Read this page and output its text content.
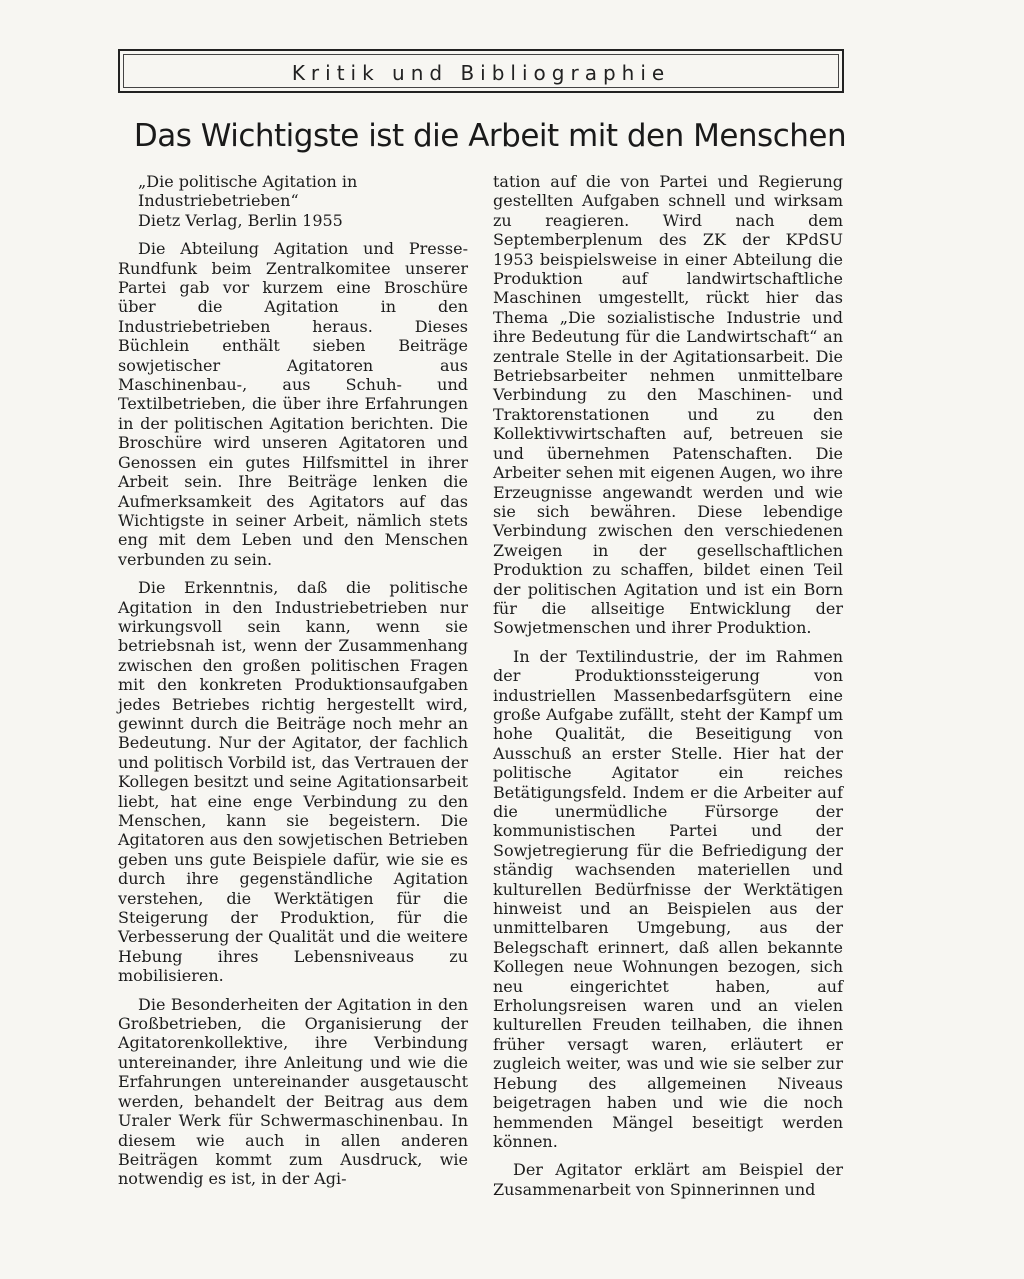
Kritik und Bibliographie
Das Wichtigste ist die Arbeit mit den Menschen

„Die politische Agitation in Industriebetrieben“

Dietz Verlag, Berlin 1955

Die Abteilung Agitation und Presse-Rundfunk beim Zentralkomitee unserer Partei gab vor kurzem eine Broschüre über die Agitation in den Industriebetrieben heraus. Dieses Büchlein enthält sieben Beiträge sowjetischer Agitatoren aus Maschinenbau-, aus Schuh- und Textilbetrieben, die über ihre Erfahrungen in der politischen Agitation berichten. Die Broschüre wird unseren Agitatoren und Genossen ein gutes Hilfsmittel in ihrer Arbeit sein. Ihre Beiträge lenken die Aufmerksamkeit des Agitators auf das Wichtigste in seiner Arbeit, nämlich stets eng mit dem Leben und den Menschen verbunden zu sein.

Die Erkenntnis, daß die politische Agitation in den Industriebetrieben nur wirkungsvoll sein kann, wenn sie betriebsnah ist, wenn der Zusammenhang zwischen den großen politischen Fragen mit den konkreten Produktionsaufgaben jedes Betriebes richtig hergestellt wird, gewinnt durch die Beiträge noch mehr an Bedeutung. Nur der Agitator, der fachlich und politisch Vorbild ist, das Vertrauen der Kollegen besitzt und seine Agitationsarbeit liebt, hat eine enge Verbindung zu den Menschen, kann sie begeistern. Die Agitatoren aus den sowjetischen Betrieben geben uns gute Beispiele dafür, wie sie es durch ihre gegenständliche Agitation verstehen, die Werktätigen für die Steigerung der Produktion, für die Verbesserung der Qualität und die weitere Hebung ihres Lebensniveaus zu mobilisieren.

Die Besonderheiten der Agitation in den Großbetrieben, die Organisierung der Agitatorenkollektive, ihre Verbindung untereinander, ihre Anleitung und wie die Erfahrungen untereinander ausgetauscht werden, behandelt der Beitrag aus dem Uraler Werk für Schwermaschinenbau. In diesem wie auch in allen anderen Beiträgen kommt zum Ausdruck, wie notwendig es ist, in der Agi-

tation auf die von Partei und Regierung gestellten Aufgaben schnell und wirksam zu reagieren. Wird nach dem Septemberplenum des ZK der KPdSU 1953 beispielsweise in einer Abteilung die Produktion auf landwirtschaftliche Maschinen umgestellt, rückt hier das Thema „Die sozialistische Industrie und ihre Bedeutung für die Landwirtschaft“ an zentrale Stelle in der Agitationsarbeit. Die Betriebsarbeiter nehmen unmittelbare Verbindung zu den Maschinen- und Traktorenstationen und zu den Kollektivwirtschaften auf, betreuen sie und übernehmen Patenschaften. Die Arbeiter sehen mit eigenen Augen, wo ihre Erzeugnisse angewandt werden und wie sie sich bewähren. Diese lebendige Verbindung zwischen den verschiedenen Zweigen in der gesellschaftlichen Produktion zu schaffen, bildet einen Teil der politischen Agitation und ist ein Born für die allseitige Entwicklung der Sowjetmenschen und ihrer Produktion.

In der Textilindustrie, der im Rahmen der Produktionssteigerung von industriellen Massenbedarfsgütern eine große Aufgabe zufällt, steht der Kampf um hohe Qualität, die Beseitigung von Ausschuß an erster Stelle. Hier hat der politische Agitator ein reiches Betätigungsfeld. Indem er die Arbeiter auf die unermüdliche Fürsorge der kommunistischen Partei und der Sowjetregierung für die Befriedigung der ständig wachsenden materiellen und kulturellen Bedürfnisse der Werktätigen hinweist und an Beispielen aus der unmittelbaren Umgebung, aus der Belegschaft erinnert, daß allen bekannte Kollegen neue Wohnungen bezogen, sich neu eingerichtet haben, auf Erholungsreisen waren und an vielen kulturellen Freuden teilhaben, die ihnen früher versagt waren, erläutert er zugleich weiter, was und wie sie selber zur Hebung des allgemeinen Niveaus beigetragen haben und wie die noch hemmenden Mängel beseitigt werden können.

Der Agitator erklärt am Beispiel der Zusammenarbeit von Spinnerinnen und
